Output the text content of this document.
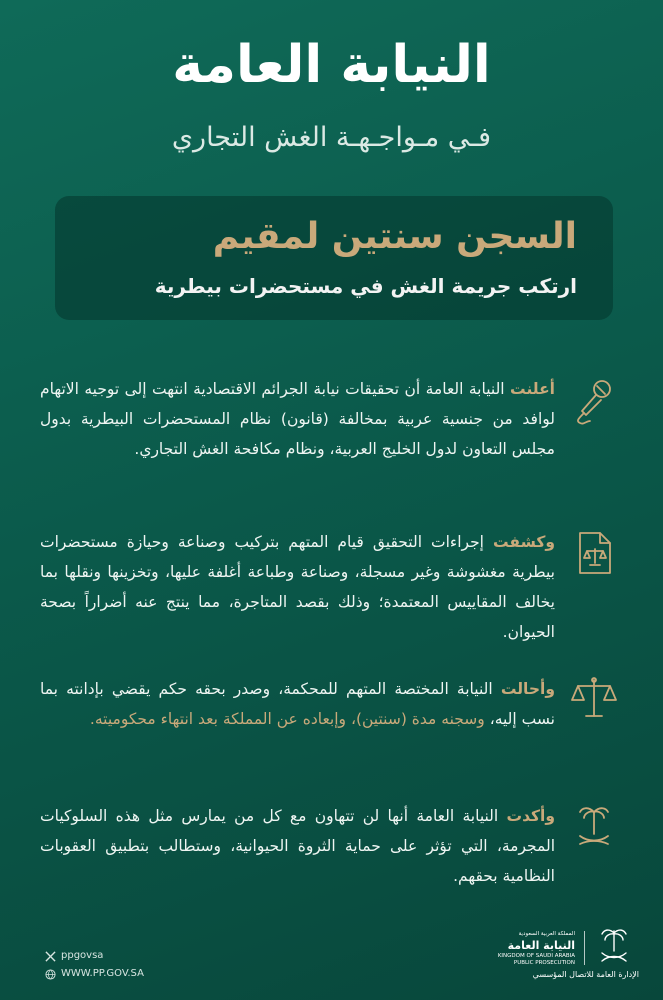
النيابة العامة
فـي مـواجـهـة الغش التجاري
السجن سنتين لمقيم
ارتكب جريمة الغش في مستحضرات بيطرية
أعلنت النيابة العامة أن تحقيقات نيابة الجرائم الاقتصادية انتهت إلى توجيه الاتهام لوافد من جنسية عربية بمخالفة (قانون) نظام المستحضرات البيطرية بدول مجلس التعاون لدول الخليج العربية، ونظام مكافحة الغش التجاري.
وكشفت إجراءات التحقيق قيام المتهم بتركيب وصناعة وحيازة مستحضرات بيطرية مغشوشة وغير مسجلة، وصناعة وطباعة أغلفة عليها، وتخزينها ونقلها بما يخالف المقاييس المعتمدة؛ وذلك بقصد المتاجرة، مما ينتج عنه أضراراً بصحة الحيوان.
وأحالت النيابة المختصة المتهم للمحكمة، وصدر بحقه حكم يقضي بإدانته بما نسب إليه، وسجنه مدة (سنتين)، وإبعاده عن المملكة بعد انتهاء محكوميته.
وأكدت النيابة العامة أنها لن تتهاون مع كل من يمارس مثل هذه السلوكيات المجرمة، التي تؤثر على حماية الثروة الحيوانية، وستطالب بتطبيق العقوبات النظامية بحقهم.
ppgovsa
WWW.PP.GOV.SA
المملكة العربية السعودية
النيابة العامة
KINGDOM OF SAUDI ARABIA
PUBLIC PROSECUTION
الإدارة العامة للاتصال المؤسسي
